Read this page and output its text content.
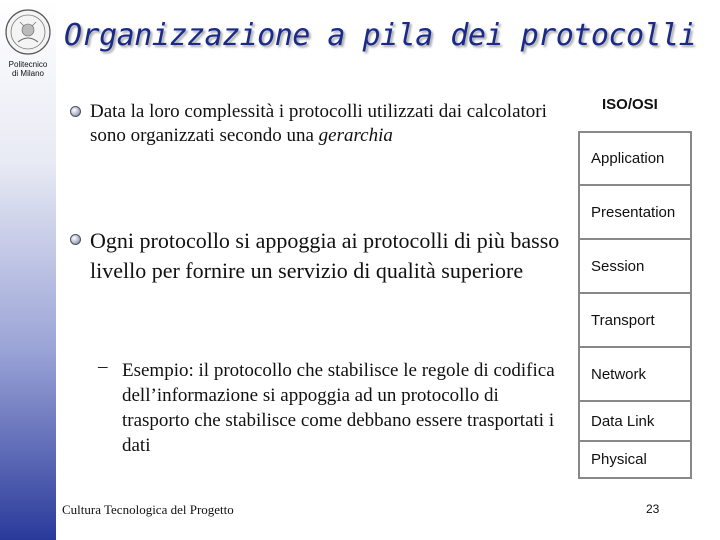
Politecnico
di Milano
Organizzazione a pila dei protocolli
Data la loro complessità i protocolli utilizzati dai calcolatori sono organizzati secondo una gerarchia
Ogni protocollo si appoggia ai protocolli di più basso livello per fornire un servizio di qualità superiore
– Esempio: il protocollo che stabilisce le regole di codifica dell’informazione si appoggia ad un protocollo di trasporto che stabilisce come debbano essere trasportati i dati
ISO/OSI
Application
Presentation
Session
Transport
Network
Data Link
Physical
Cultura Tecnologica del Progetto	23
